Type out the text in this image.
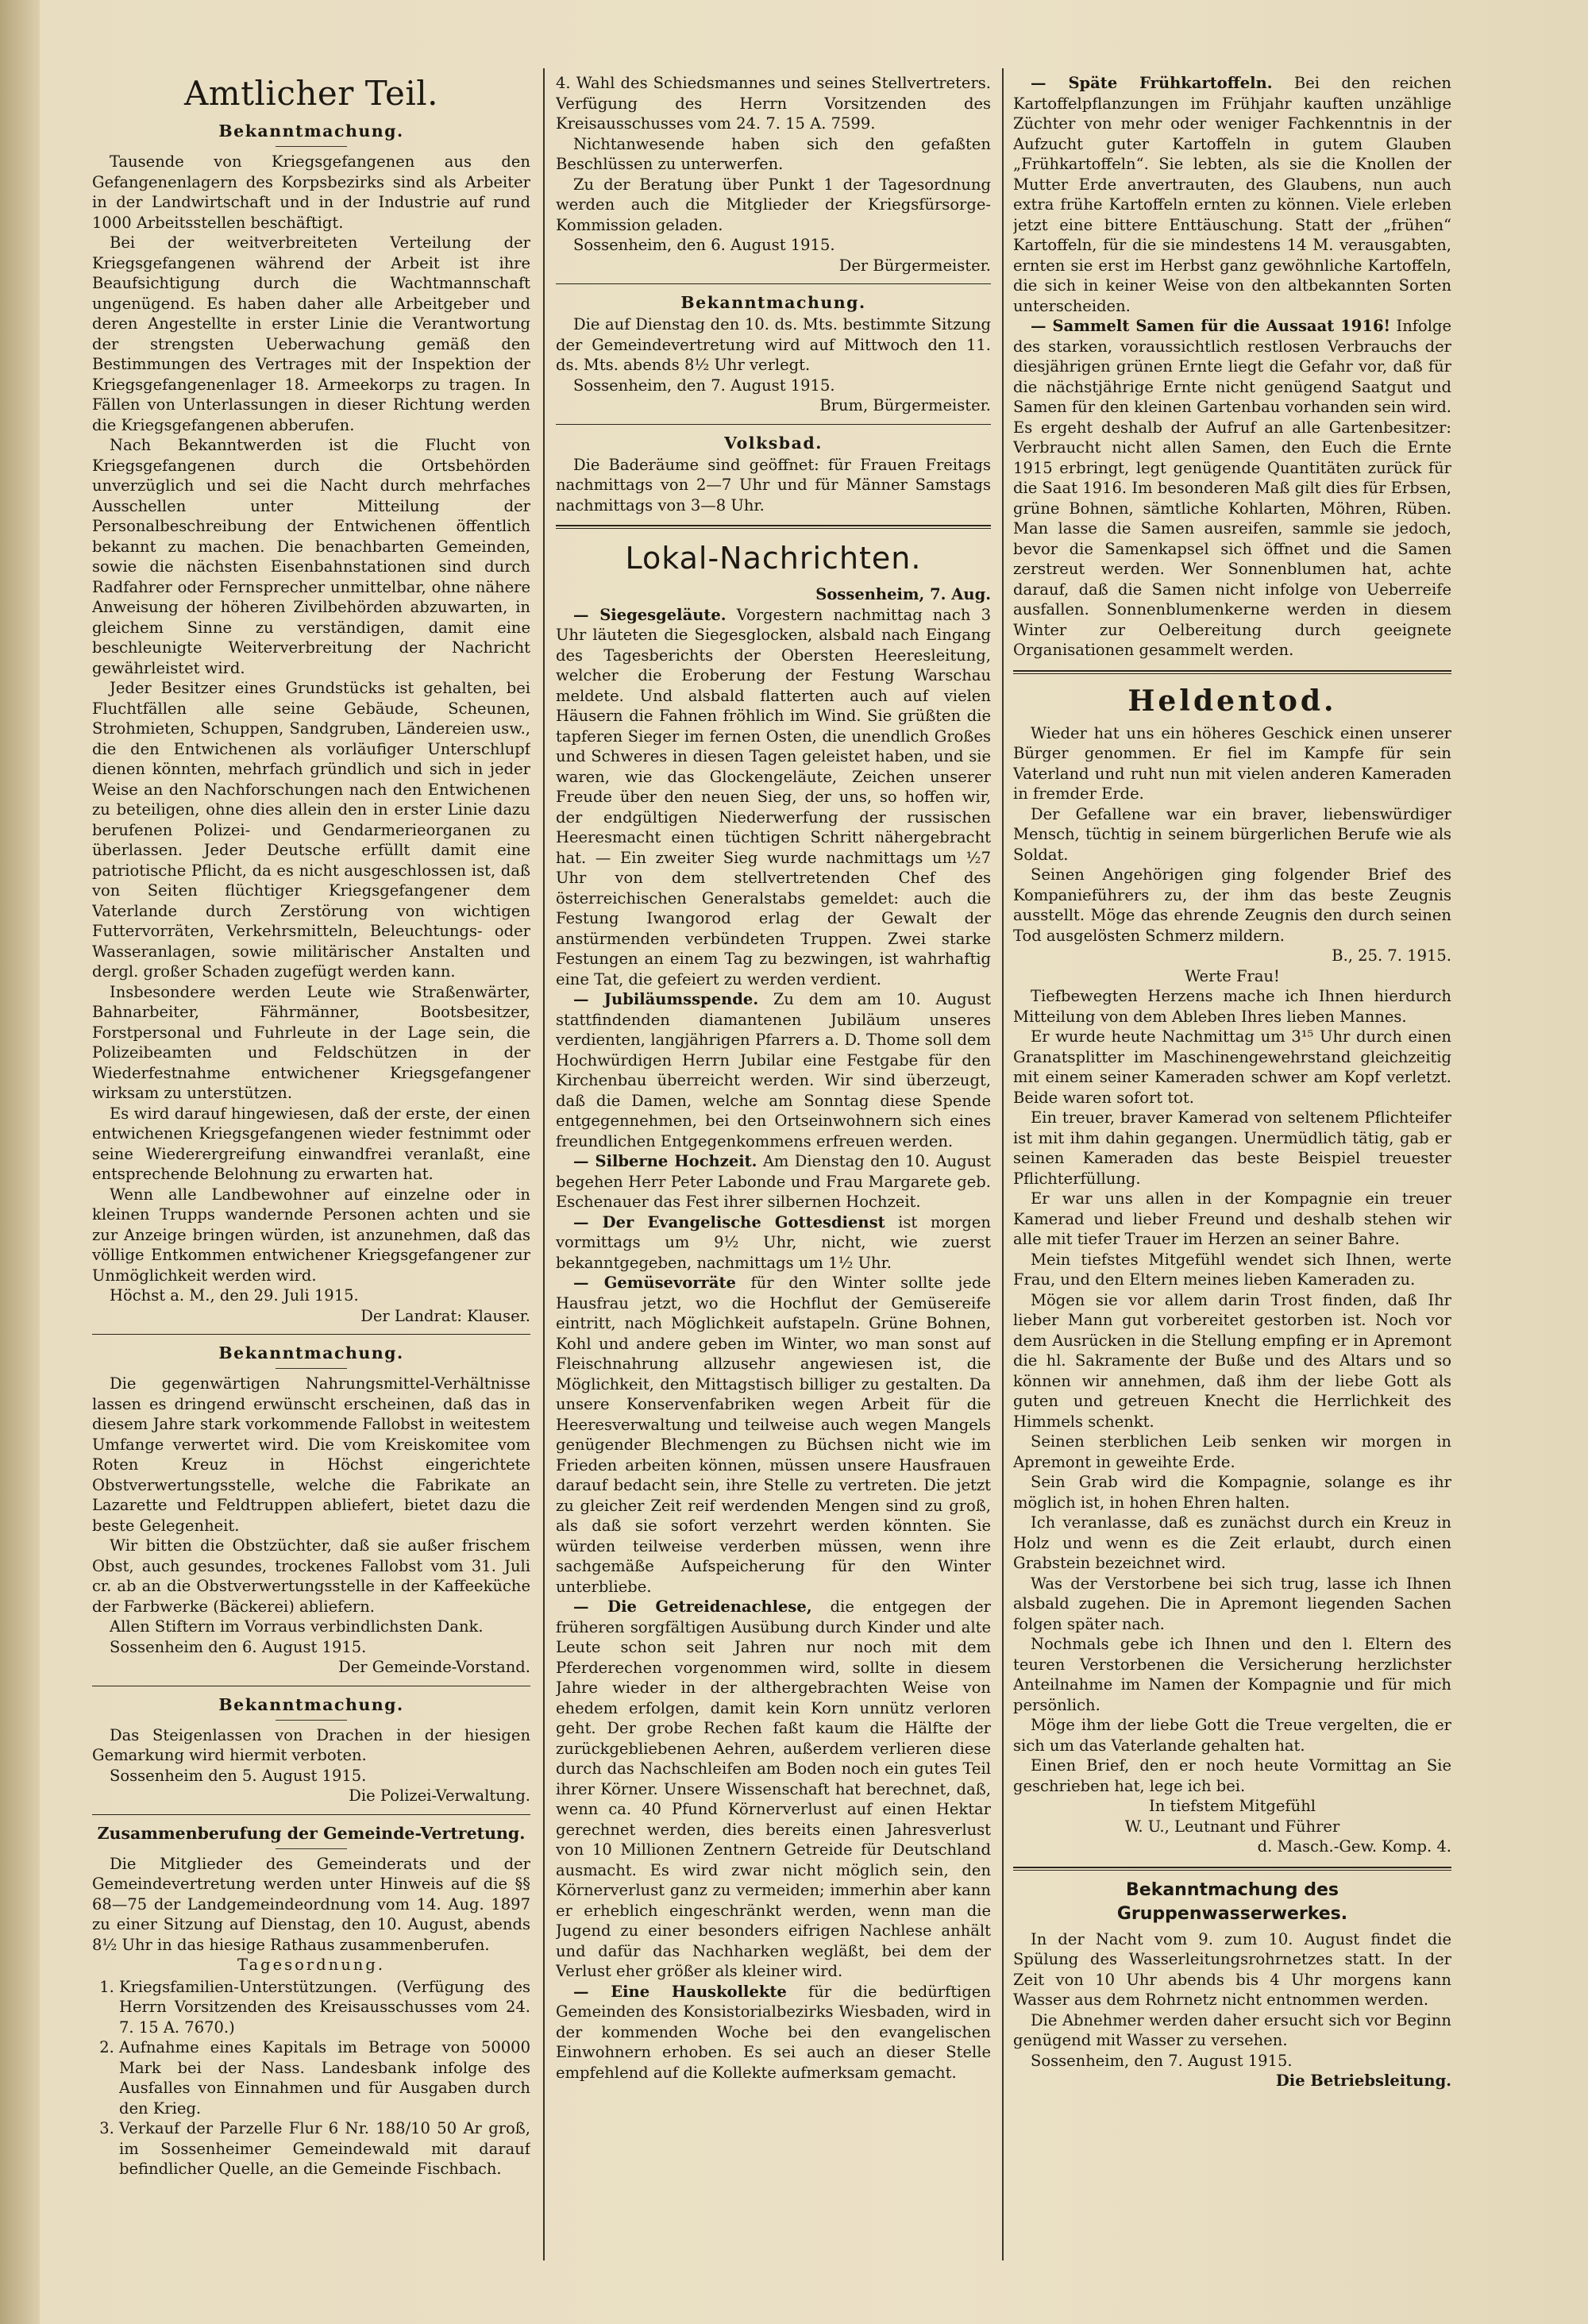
Amtlicher Teil.
Bekanntmachung.

Tausende von Kriegsgefangenen aus den Gefangenenlagern des Korpsbezirks sind als Arbeiter in der Landwirtschaft und in der Industrie auf rund 1000 Arbeitsstellen beschäftigt.

Bei der weitverbreiteten Verteilung der Kriegsgefangenen während der Arbeit ist ihre Beaufsichtigung durch die Wachtmannschaft ungenügend. Es haben daher alle Arbeitgeber und deren Angestellte in erster Linie die Verantwortung der strengsten Ueberwachung gemäß den Bestimmungen des Vertrages mit der Inspektion der Kriegsgefangenenlager 18. Armeekorps zu tragen. In Fällen von Unterlassungen in dieser Richtung werden die Kriegsgefangenen abberufen.

Nach Bekanntwerden ist die Flucht von Kriegsgefangenen durch die Ortsbehörden unverzüglich und sei die Nacht durch mehrfaches Ausschellen unter Mitteilung der Personalbeschreibung der Entwichenen öffentlich bekannt zu machen. Die benachbarten Gemeinden, sowie die nächsten Eisenbahnstationen sind durch Radfahrer oder Fernsprecher unmittelbar, ohne nähere Anweisung der höheren Zivilbehörden abzuwarten, in gleichem Sinne zu verständigen, damit eine beschleunigte Weiterverbreitung der Nachricht gewährleistet wird.

Jeder Besitzer eines Grundstücks ist gehalten, bei Fluchtfällen alle seine Gebäude, Scheunen, Strohmieten, Schuppen, Sandgruben, Ländereien usw., die den Entwichenen als vorläufiger Unterschlupf dienen könnten, mehrfach gründlich und sich in jeder Weise an den Nachforschungen nach den Entwichenen zu beteiligen, ohne dies allein den in erster Linie dazu berufenen Polizei- und Gendarmerieorganen zu überlassen. Jeder Deutsche erfüllt damit eine patriotische Pflicht, da es nicht ausgeschlossen ist, daß von Seiten flüchtiger Kriegsgefangener dem Vaterlande durch Zerstörung von wichtigen Futtervorräten, Verkehrsmitteln, Beleuchtungs- oder Wasseranlagen, sowie militärischer Anstalten und dergl. großer Schaden zugefügt werden kann.

Insbesondere werden Leute wie Straßenwärter, Bahnarbeiter, Fährmänner, Bootsbesitzer, Forstpersonal und Fuhrleute in der Lage sein, die Polizeibeamten und Feldschützen in der Wiederfestnahme entwichener Kriegsgefangener wirksam zu unterstützen.

Es wird darauf hingewiesen, daß der erste, der einen entwichenen Kriegsgefangenen wieder festnimmt oder seine Wiederergreifung einwandfrei veranlaßt, eine entsprechende Belohnung zu erwarten hat.

Wenn alle Landbewohner auf einzelne oder in kleinen Trupps wandernde Personen achten und sie zur Anzeige bringen würden, ist anzunehmen, daß das völlige Entkommen entwichener Kriegsgefangener zur Unmöglichkeit werden wird.

Höchst a. M., den 29. Juli 1915.

Der Landrat: Klauser.

Bekanntmachung.

Die gegenwärtigen Nahrungsmittel-Verhältnisse lassen es dringend erwünscht erscheinen, daß das in diesem Jahre stark vorkommende Fallobst in weitestem Umfange verwertet wird. Die vom Kreiskomitee vom Roten Kreuz in Höchst eingerichtete Obstverwertungsstelle, welche die Fabrikate an Lazarette und Feldtruppen abliefert, bietet dazu die beste Gelegenheit.

Wir bitten die Obstzüchter, daß sie außer frischem Obst, auch gesundes, trockenes Fallobst vom 31. Juli cr. ab an die Obstverwertungsstelle in der Kaffeeküche der Farbwerke (Bäckerei) abliefern.

Allen Stiftern im Vorraus verbindlichsten Dank.

Sossenheim den 6. August 1915.

Der Gemeinde-Vorstand.

Bekanntmachung.

Das Steigenlassen von Drachen in der hiesigen Gemarkung wird hiermit verboten.

Sossenheim den 5. August 1915.

Die Polizei-Verwaltung.

Zusammenberufung der Gemeinde-Vertretung.

Die Mitglieder des Gemeinderats und der Gemeindevertretung werden unter Hinweis auf die §§ 68—75 der Landgemeindeordnung vom 14. Aug. 1897 zu einer Sitzung auf Dienstag, den 10. August, abends 8½ Uhr in das hiesige Rathaus zusammenberufen.

Tagesordnung.

1. Kriegsfamilien-Unterstützungen. (Verfügung des Herrn Vorsitzenden des Kreisausschusses vom 24. 7. 15 A. 7670.)
2. Aufnahme eines Kapitals im Betrage von 50000 Mark bei der Nass. Landesbank infolge des Ausfalles von Einnahmen und für Ausgaben durch den Krieg.
3. Verkauf der Parzelle Flur 6 Nr. 188/10 50 Ar groß, im Sossenheimer Gemeindewald mit darauf befindlicher Quelle, an die Gemeinde Fischbach.

4. Wahl des Schiedsmannes und seines Stellvertreters. Verfügung des Herrn Vorsitzenden des Kreisausschusses vom 24. 7. 15 A. 7599.

Nichtanwesende haben sich den gefaßten Beschlüssen zu unterwerfen.

Zu der Beratung über Punkt 1 der Tagesordnung werden auch die Mitglieder der Kriegsfürsorge-Kommission geladen.

Sossenheim, den 6. August 1915.

Der Bürgermeister.

Bekanntmachung.

Die auf Dienstag den 10. ds. Mts. bestimmte Sitzung der Gemeindevertretung wird auf Mittwoch den 11. ds. Mts. abends 8½ Uhr verlegt.

Sossenheim, den 7. August 1915.

Brum, Bürgermeister.

Volksbad.

Die Baderäume sind geöffnet: für Frauen Freitags nachmittags von 2—7 Uhr und für Männer Samstags nachmittags von 3—8 Uhr.

Lokal-Nachrichten.

Sossenheim, 7. Aug.

— Siegesgeläute. Vorgestern nachmittag nach 3 Uhr läuteten die Siegesglocken, alsbald nach Eingang des Tagesberichts der Obersten Heeresleitung, welcher die Eroberung der Festung Warschau meldete. Und alsbald flatterten auch auf vielen Häusern die Fahnen fröhlich im Wind. Sie grüßten die tapferen Sieger im fernen Osten, die unendlich Großes und Schweres in diesen Tagen geleistet haben, und sie waren, wie das Glockengeläute, Zeichen unserer Freude über den neuen Sieg, der uns, so hoffen wir, der endgültigen Niederwerfung der russischen Heeresmacht einen tüchtigen Schritt nähergebracht hat. — Ein zweiter Sieg wurde nachmittags um ½7 Uhr von dem stellvertretenden Chef des österreichischen Generalstabs gemeldet: auch die Festung Iwangorod erlag der Gewalt der anstürmenden verbündeten Truppen. Zwei starke Festungen an einem Tag zu bezwingen, ist wahrhaftig eine Tat, die gefeiert zu werden verdient.

— Jubiläumsspende. Zu dem am 10. August stattfindenden diamantenen Jubiläum unseres verdienten, langjährigen Pfarrers a. D. Thome soll dem Hochwürdigen Herrn Jubilar eine Festgabe für den Kirchenbau überreicht werden. Wir sind überzeugt, daß die Damen, welche am Sonntag diese Spende entgegennehmen, bei den Ortseinwohnern sich eines freundlichen Entgegenkommens erfreuen werden.

— Silberne Hochzeit. Am Dienstag den 10. August begehen Herr Peter Labonde und Frau Margarete geb. Eschenauer das Fest ihrer silbernen Hochzeit.

— Der Evangelische Gottesdienst ist morgen vormittags um 9½ Uhr, nicht, wie zuerst bekanntgegeben, nachmittags um 1½ Uhr.

— Gemüsevorräte für den Winter sollte jede Hausfrau jetzt, wo die Hochflut der Gemüsereife eintritt, nach Möglichkeit aufstapeln. Grüne Bohnen, Kohl und andere geben im Winter, wo man sonst auf Fleischnahrung allzusehr angewiesen ist, die Möglichkeit, den Mittagstisch billiger zu gestalten. Da unsere Konservenfabriken wegen Arbeit für die Heeresverwaltung und teilweise auch wegen Mangels genügender Blechmengen zu Büchsen nicht wie im Frieden arbeiten können, müssen unsere Hausfrauen darauf bedacht sein, ihre Stelle zu vertreten. Die jetzt zu gleicher Zeit reif werdenden Mengen sind zu groß, als daß sie sofort verzehrt werden könnten. Sie würden teilweise verderben müssen, wenn ihre sachgemäße Aufspeicherung für den Winter unterbliebe.

— Die Getreidenachlese, die entgegen der früheren sorgfältigen Ausübung durch Kinder und alte Leute schon seit Jahren nur noch mit dem Pferderechen vorgenommen wird, sollte in diesem Jahre wieder in der althergebrachten Weise von ehedem erfolgen, damit kein Korn unnütz verloren geht. Der grobe Rechen faßt kaum die Hälfte der zurückgebliebenen Aehren, außerdem verlieren diese durch das Nachschleifen am Boden noch ein gutes Teil ihrer Körner. Unsere Wissenschaft hat berechnet, daß, wenn ca. 40 Pfund Körnerverlust auf einen Hektar gerechnet werden, dies bereits einen Jahresverlust von 10 Millionen Zentnern Getreide für Deutschland ausmacht. Es wird zwar nicht möglich sein, den Körnerverlust ganz zu vermeiden; immerhin aber kann er erheblich eingeschränkt werden, wenn man die Jugend zu einer besonders eifrigen Nachlese anhält und dafür das Nachharken wegläßt, bei dem der Verlust eher größer als kleiner wird.

— Eine Hauskollekte für die bedürftigen Gemeinden des Konsistorialbezirks Wiesbaden, wird in der kommenden Woche bei den evangelischen Einwohnern erhoben. Es sei auch an dieser Stelle empfehlend auf die Kollekte aufmerksam gemacht.

— Späte Frühkartoffeln. Bei den reichen Kartoffelpflanzungen im Frühjahr kauften unzählige Züchter von mehr oder weniger Fachkenntnis in der Aufzucht guter Kartoffeln in gutem Glauben „Frühkartoffeln“. Sie lebten, als sie die Knollen der Mutter Erde anvertrauten, des Glaubens, nun auch extra frühe Kartoffeln ernten zu können. Viele erleben jetzt eine bittere Enttäuschung. Statt der „frühen“ Kartoffeln, für die sie mindestens 14 M. verausgabten, ernten sie erst im Herbst ganz gewöhnliche Kartoffeln, die sich in keiner Weise von den altbekannten Sorten unterscheiden.

— Sammelt Samen für die Aussaat 1916! Infolge des starken, voraussichtlich restlosen Verbrauchs der diesjährigen grünen Ernte liegt die Gefahr vor, daß für die nächstjährige Ernte nicht genügend Saatgut und Samen für den kleinen Gartenbau vorhanden sein wird. Es ergeht deshalb der Aufruf an alle Gartenbesitzer: Verbraucht nicht allen Samen, den Euch die Ernte 1915 erbringt, legt genügende Quantitäten zurück für die Saat 1916. Im besonderen Maß gilt dies für Erbsen, grüne Bohnen, sämtliche Kohlarten, Möhren, Rüben. Man lasse die Samen ausreifen, sammle sie jedoch, bevor die Samenkapsel sich öffnet und die Samen zerstreut werden. Wer Sonnenblumen hat, achte darauf, daß die Samen nicht infolge von Ueberreife ausfallen. Sonnenblumenkerne werden in diesem Winter zur Oelbereitung durch geeignete Organisationen gesammelt werden.

Heldentod.

Wieder hat uns ein höheres Geschick einen unserer Bürger genommen. Er fiel im Kampfe für sein Vaterland und ruht nun mit vielen anderen Kameraden in fremder Erde.

Der Gefallene war ein braver, liebenswürdiger Mensch, tüchtig in seinem bürgerlichen Berufe wie als Soldat.

Seinen Angehörigen ging folgender Brief des Kompanieführers zu, der ihm das beste Zeugnis ausstellt. Möge das ehrende Zeugnis den durch seinen Tod ausgelösten Schmerz mildern.

B., 25. 7. 1915.

Werte Frau!

Tiefbewegten Herzens mache ich Ihnen hierdurch Mitteilung von dem Ableben Ihres lieben Mannes.

Er wurde heute Nachmittag um 3¹⁵ Uhr durch einen Granatsplitter im Maschinengewehrstand gleichzeitig mit einem seiner Kameraden schwer am Kopf verletzt. Beide waren sofort tot.

Ein treuer, braver Kamerad von seltenem Pflichteifer ist mit ihm dahin gegangen. Unermüdlich tätig, gab er seinen Kameraden das beste Beispiel treuester Pflichterfüllung.

Er war uns allen in der Kompagnie ein treuer Kamerad und lieber Freund und deshalb stehen wir alle mit tiefer Trauer im Herzen an seiner Bahre.

Mein tiefstes Mitgefühl wendet sich Ihnen, werte Frau, und den Eltern meines lieben Kameraden zu.

Mögen sie vor allem darin Trost finden, daß Ihr lieber Mann gut vorbereitet gestorben ist. Noch vor dem Ausrücken in die Stellung empfing er in Apremont die hl. Sakramente der Buße und des Altars und so können wir annehmen, daß ihm der liebe Gott als guten und getreuen Knecht die Herrlichkeit des Himmels schenkt.

Seinen sterblichen Leib senken wir morgen in Apremont in geweihte Erde.

Sein Grab wird die Kompagnie, solange es ihr möglich ist, in hohen Ehren halten.

Ich veranlasse, daß es zunächst durch ein Kreuz in Holz und wenn es die Zeit erlaubt, durch einen Grabstein bezeichnet wird.

Was der Verstorbene bei sich trug, lasse ich Ihnen alsbald zugehen. Die in Apremont liegenden Sachen folgen später nach.

Nochmals gebe ich Ihnen und den l. Eltern des teuren Verstorbenen die Versicherung herzlichster Anteilnahme im Namen der Kompagnie und für mich persönlich.

Möge ihm der liebe Gott die Treue vergelten, die er sich um das Vaterlande gehalten hat.

Einen Brief, den er noch heute Vormittag an Sie geschrieben hat, lege ich bei.

In tiefstem Mitgefühl

W. U., Leutnant und Führer

d. Masch.-Gew. Komp. 4.

Bekanntmachung des Gruppenwasserwerkes.

In der Nacht vom 9. zum 10. August findet die Spülung des Wasserleitungsrohrnetzes statt. In der Zeit von 10 Uhr abends bis 4 Uhr morgens kann Wasser aus dem Rohrnetz nicht entnommen werden.

Die Abnehmer werden daher ersucht sich vor Beginn genügend mit Wasser zu versehen.

Sossenheim, den 7. August 1915.

Die Betriebsleitung.
